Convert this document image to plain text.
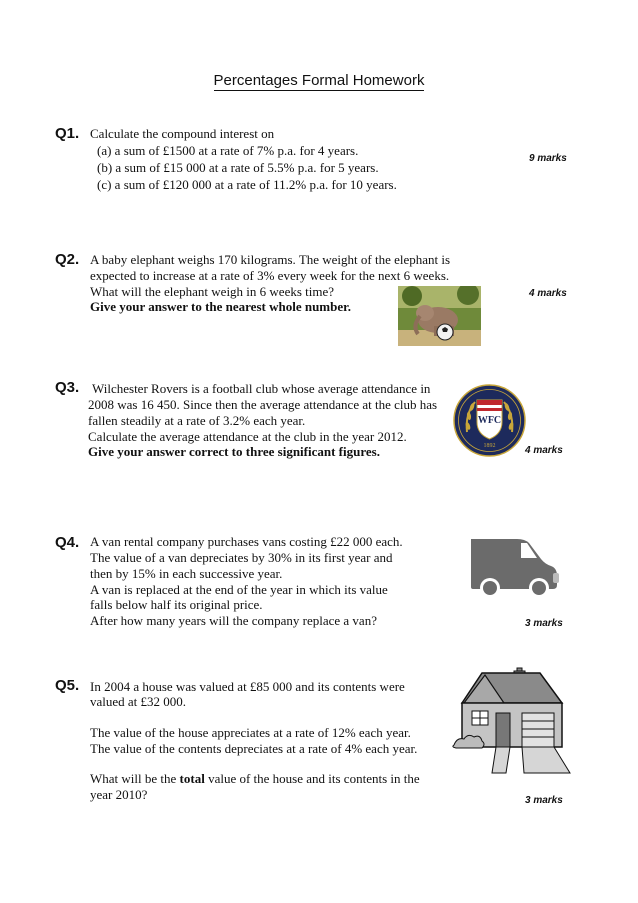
Percentages Formal Homework
Q1. Calculate the compound interest on
(a) a sum of £1500 at a rate of 7% p.a. for 4 years.
(b) a sum of £15 000 at a rate of 5.5% p.a. for 5 years.
(c) a sum of £120 000 at a rate of 11.2% p.a. for 10 years.
9 marks
Q2. A baby elephant weighs 170 kilograms. The weight of the elephant is
expected to increase at a rate of 3% every week for the next 6 weeks.
What will the elephant weigh in 6 weeks time?
Give your answer to the nearest whole number.
4 marks
Q3. Wilchester Rovers is a football club whose average attendance in
2008 was 16 450. Since then the average attendance at the club has
fallen steadily at a rate of 3.2% each year.
Calculate the average attendance at the club in the year 2012.
Give your answer correct to three significant figures.	4 marks
WFC
1892
Q4. A van rental company purchases vans costing £22 000 each.
The value of a van depreciates by 30% in its first year and
then by 15% in each successive year.
A van is replaced at the end of the year in which its value
falls below half its original price.
After how many years will the company replace a van?	3 marks
Q5. In 2004 a house was valued at £85 000 and its contents were
valued at £32 000.
The value of the house appreciates at a rate of 12% each year.
The value of the contents depreciates at a rate of 4% each year.
What will be the total value of the house and its contents in the
year 2010?	3 marks
